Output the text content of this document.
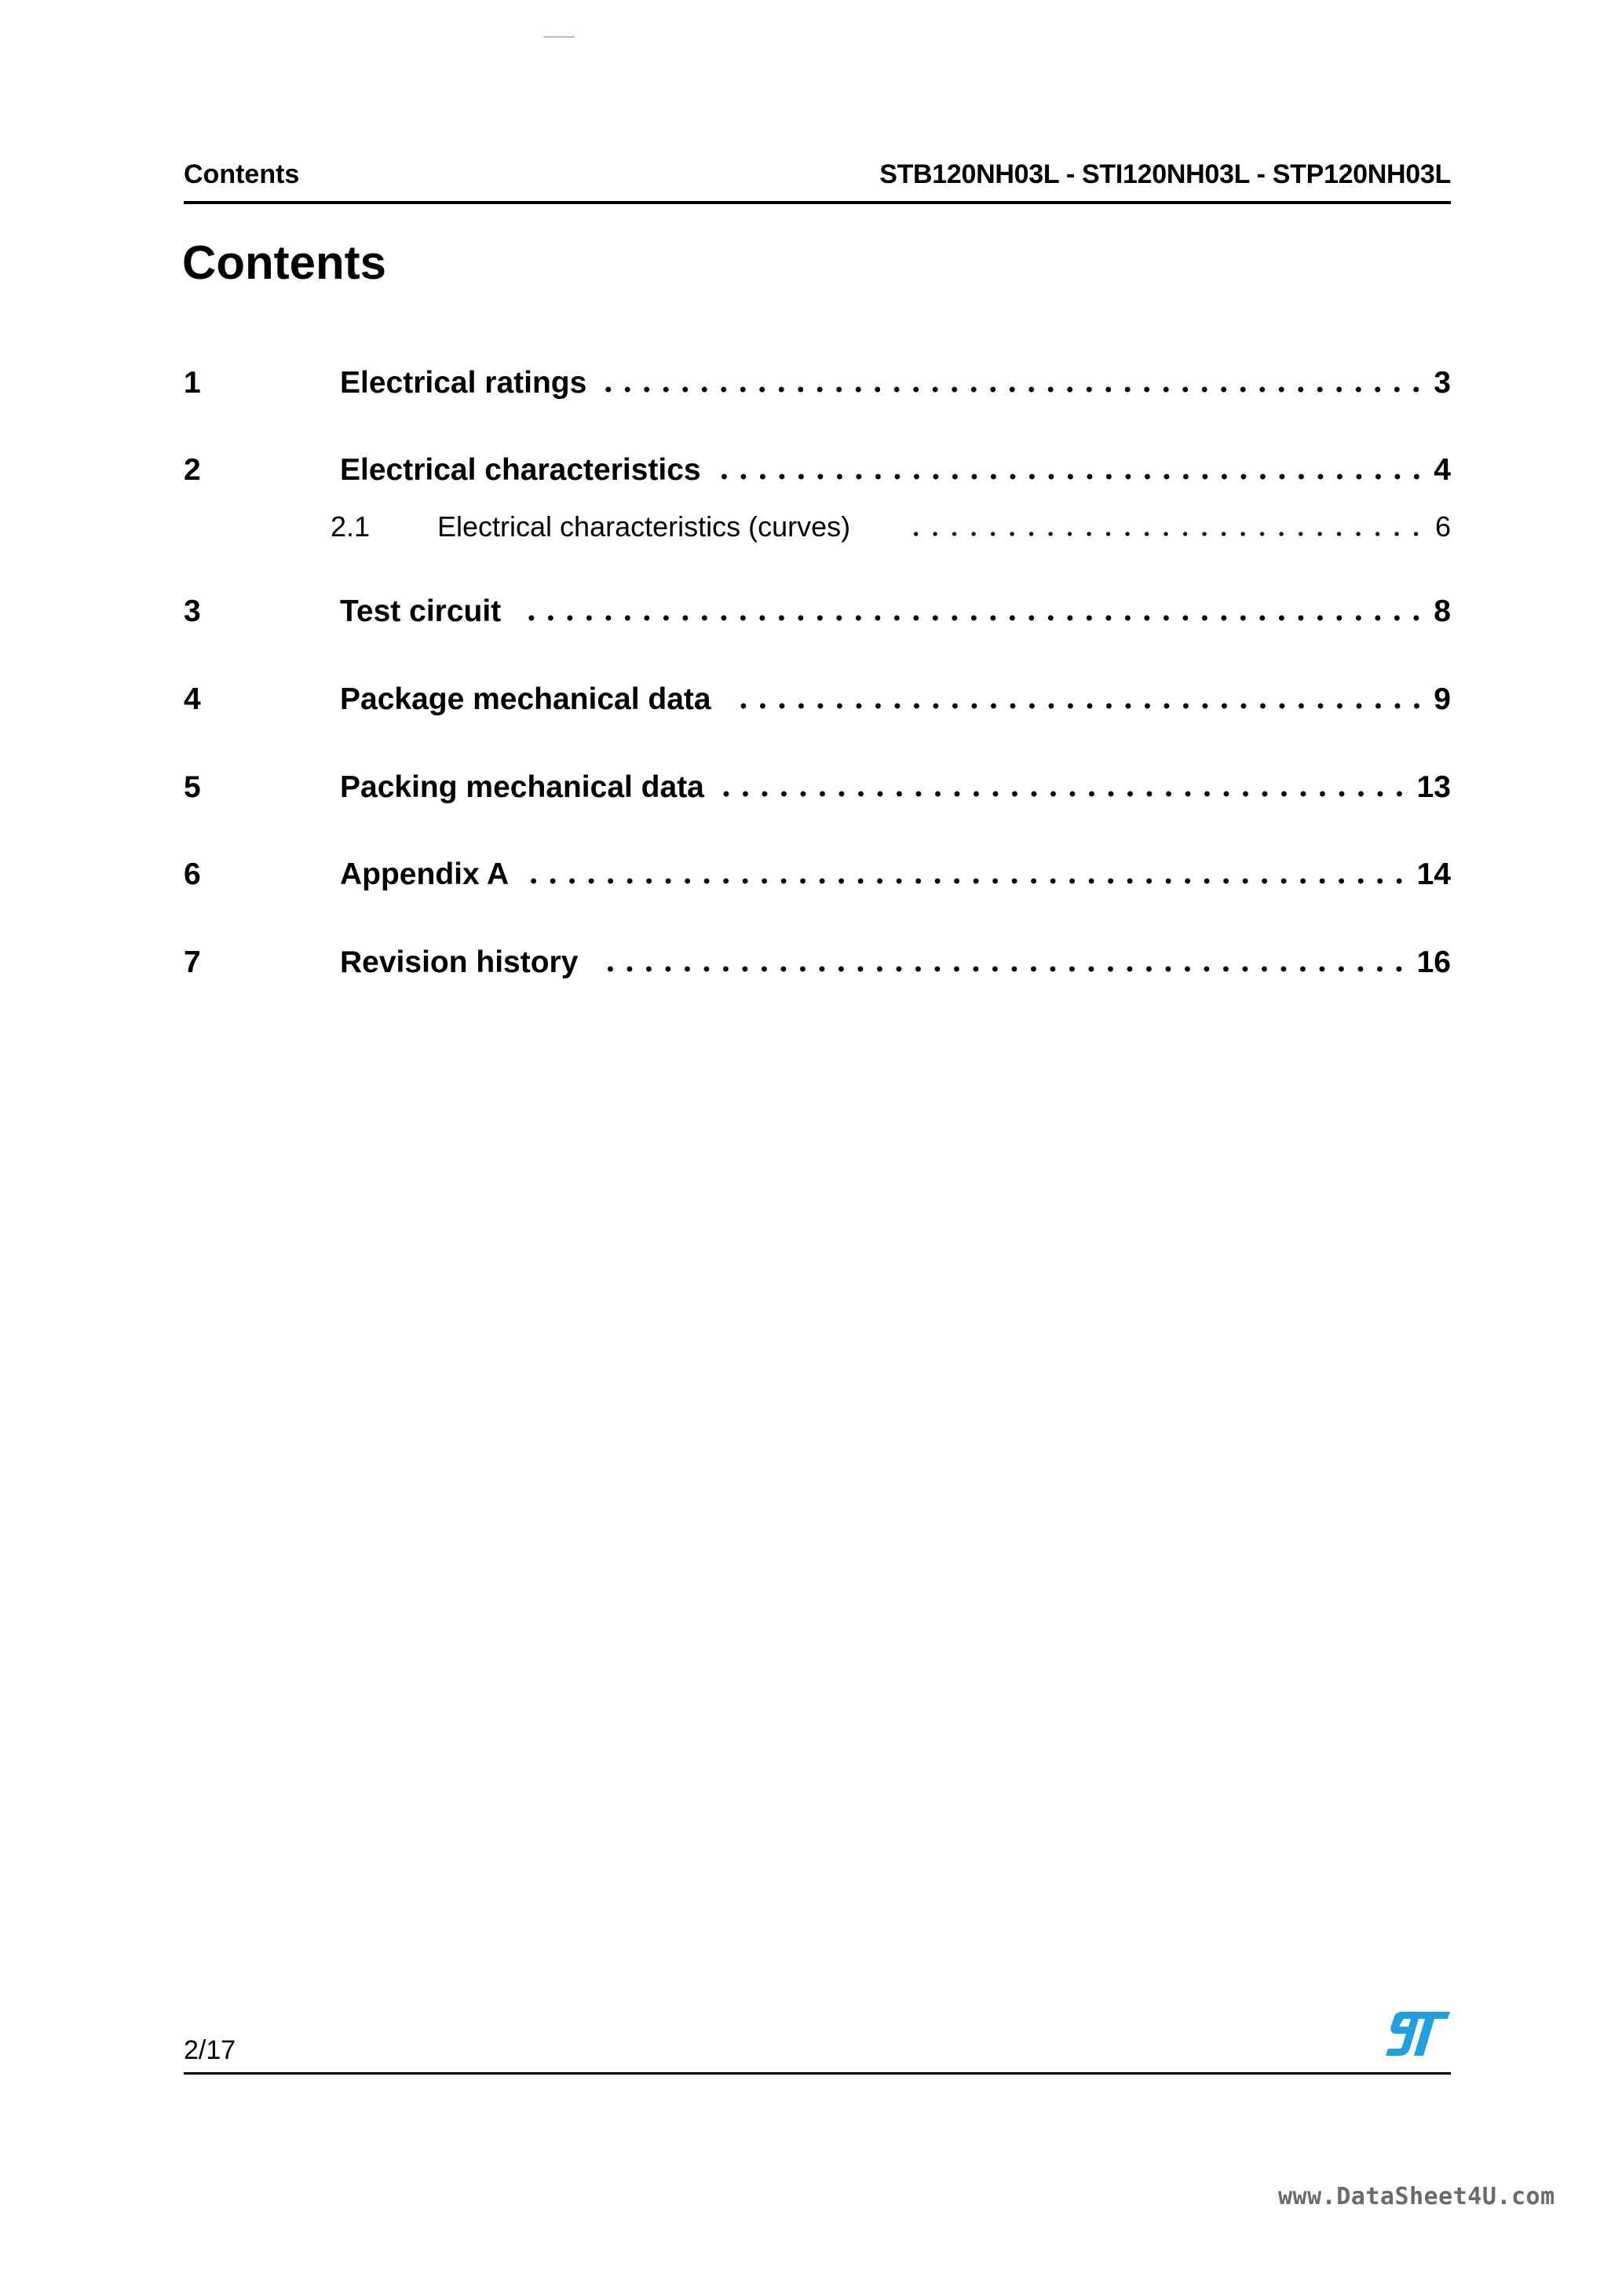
Contents	STB120NH03L - STI120NH03L - STP120NH03L
Contents
1	Electrical ratings	3
2	Electrical characteristics	4
2.1 Electrical characteristics (curves)	6
3	Test circuit	8
4	Package mechanical data	9
5	Packing mechanical data	13
6	Appendix A	14
7	Revision history	16
2/17
www.DataSheet4U.com
